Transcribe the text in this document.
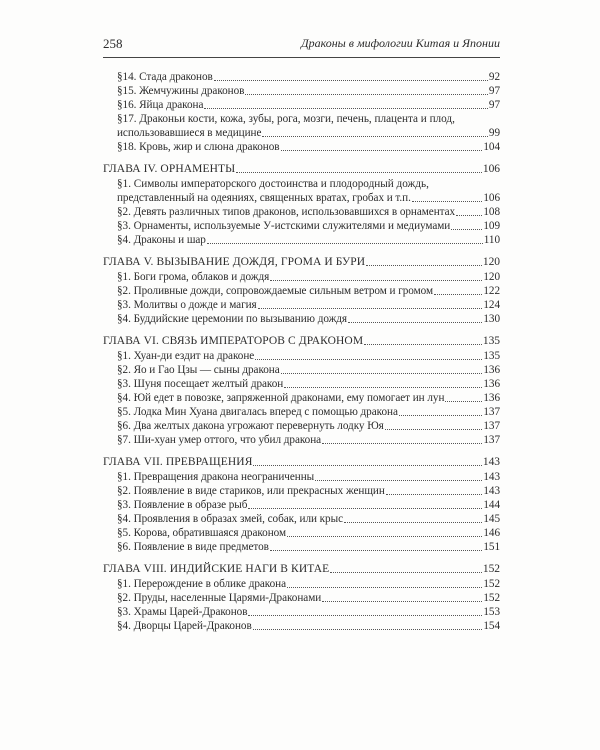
258	Драконы в мифологии Китая и Японии
§14. Стада драконов	92
§15. Жемчужины драконов	97
§16. Яйца дракона	97
§17. Драконьи кости, кожа, зубы, рога, мозги, печень, плацента и плод,
использовавшиеся в медицине	99
§18. Кровь, жир и слюна драконов	104
ГЛАВА IV. ОРНАМЕНТЫ	106
§1. Символы императорского достоинства и плодородный дождь,
представленный на одеяниях, священных вратах, гробах и т.п.	106
§2. Девять различных типов драконов, использовавшихся в орнаментах	108
§3. Орнаменты, используемые У-истскими служителями и медиумами	109
§4. Драконы и шар	110
ГЛАВА V. ВЫЗЫВАНИЕ ДОЖДЯ, ГРОМА И БУРИ	120
§1. Боги грома, облаков и дождя	120
§2. Проливные дожди, сопровождаемые сильным ветром и громом	122
§3. Молитвы о дожде и магия	124
§4. Буддийские церемонии по вызыванию дождя	130
ГЛАВА VI. СВЯЗЬ ИМПЕРАТОРОВ С ДРАКОНОМ	135
§1. Хуан-ди ездит на драконе	135
§2. Яо и Гао Цзы — сыны дракона	136
§3. Шуня посещает желтый дракон	136
§4. Юй едет в повозке, запряженной драконами, ему помогает ин лун	136
§5. Лодка Мин Хуана двигалась вперед с помощью дракона	137
§6. Два желтых дакона угрожают перевернуть лодку Юя	137
§7. Ши-хуан умер оттого, что убил дракона	137
ГЛАВА VII. ПРЕВРАЩЕНИЯ	143
§1. Превращения дракона неограниченны	143
§2. Появление в виде стариков, или прекрасных женщин	143
§3. Появление в образе рыб	144
§4. Проявления в образах змей, собак, или крыс	145
§5. Корова, обратившаяся драконом	146
§6. Появление в виде предметов	151
ГЛАВА VIII. ИНДИЙСКИЕ НАГИ В КИТАЕ	152
§1. Перерождение в облике дракона	152
§2. Пруды, населенные Царями-Драконами	152
§3. Храмы Царей-Драконов	153
§4. Дворцы Царей-Драконов	154
